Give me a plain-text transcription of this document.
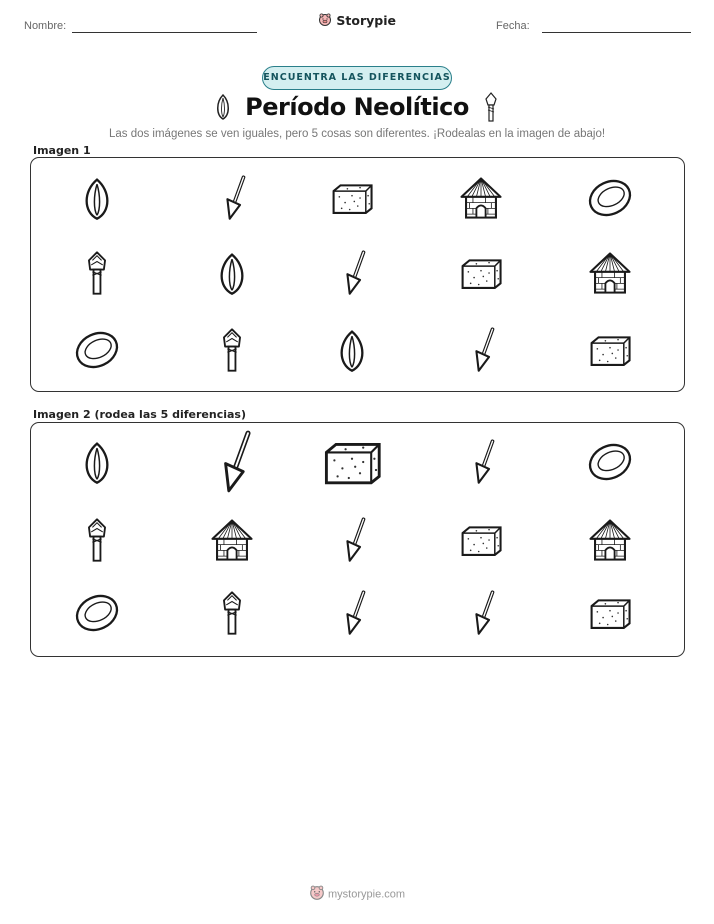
Nombre:	Storypie	Fecha:
ENCUENTRA LAS DIFERENCIAS
Período Neolítico
Las dos imágenes se ven iguales, pero 5 cosas son diferentes. ¡Rodealas en la imagen de abajo!
Imagen 1
Imagen 2 (rodea las 5 diferencias)
mystorypie.com
